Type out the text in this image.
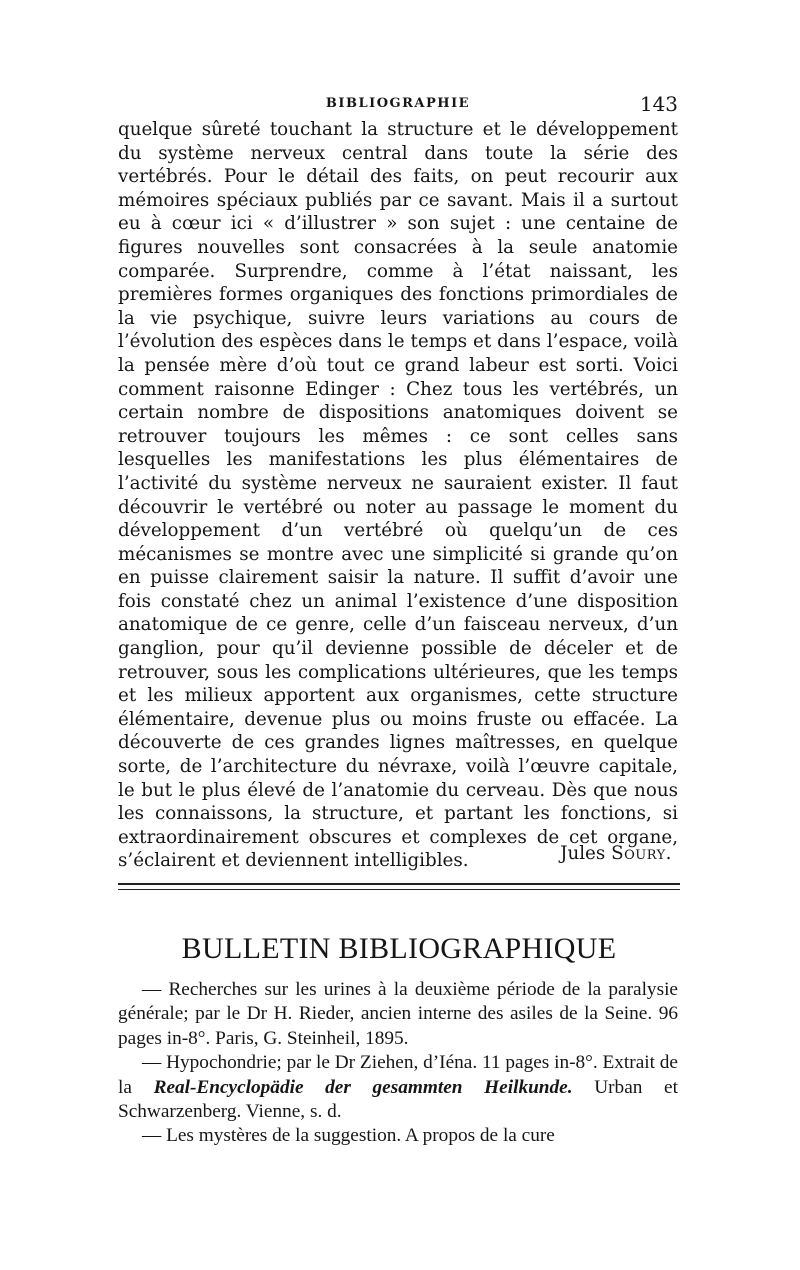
BIBLIOGRAPHIE	143

quelque sûreté touchant la structure et le développement du système nerveux central dans toute la série des vertébrés. Pour le détail des faits, on peut recourir aux mémoires spéciaux publiés par ce savant. Mais il a surtout eu à cœur ici « d’illustrer » son sujet : une centaine de figures nouvelles sont consacrées à la seule anatomie comparée. Surprendre, comme à l’état naissant, les premières formes organiques des fonctions primordiales de la vie psychique, suivre leurs variations au cours de l’évolution des espèces dans le temps et dans l’espace, voilà la pensée mère d’où tout ce grand labeur est sorti. Voici comment raisonne Edinger : Chez tous les vertébrés, un certain nombre de dispositions anatomiques doivent se retrouver toujours les mêmes : ce sont celles sans lesquelles les manifestations les plus élémentaires de l’activité du système nerveux ne sauraient exister. Il faut découvrir le vertébré ou noter au passage le moment du développement d’un vertébré où quelqu’un de ces mécanismes se montre avec une simplicité si grande qu’on en puisse clairement saisir la nature. Il suffit d’avoir une fois constaté chez un animal l’existence d’une disposition anatomique de ce genre, celle d’un faisceau nerveux, d’un ganglion, pour qu’il devienne possible de déceler et de retrouver, sous les complications ultérieures, que les temps et les milieux apportent aux organismes, cette structure élémentaire, devenue plus ou moins fruste ou effacée. La découverte de ces grandes lignes maîtresses, en quelque sorte, de l’architecture du névraxe, voilà l’œuvre capitale, le but le plus élevé de l’anatomie du cerveau. Dès que nous les connaissons, la structure, et partant les fonctions, si extraordinairement obscures et complexes de cet organe, s’éclairent et deviennent intelligibles.	Jules Soury.
BULLETIN BIBLIOGRAPHIQUE

— Recherches sur les urines à la deuxième période de la paralysie générale; par le Dr H. Rieder, ancien interne des asiles de la Seine. 96 pages in-8°. Paris, G. Steinheil, 1895.

— Hypochondrie; par le Dr Ziehen, d’Iéna. 11 pages in-8°. Extrait de la Real-Encyclopädie der gesammten Heilkunde. Urban et Schwarzenberg. Vienne, s. d.

— Les mystères de la suggestion. A propos de la cure
